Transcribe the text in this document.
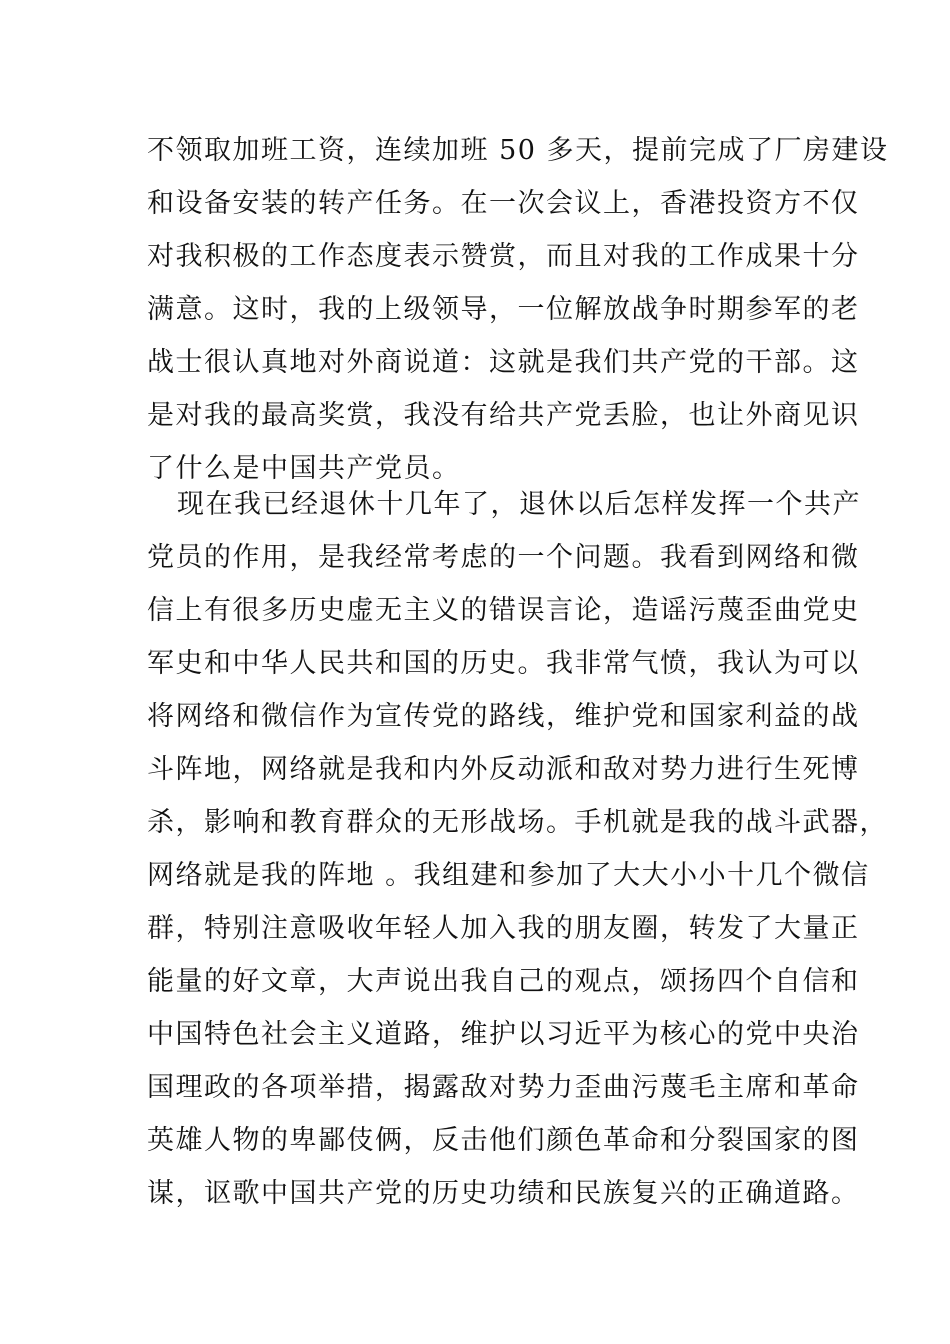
不领取加班工资，连续加班 50 多天，提前完成了厂房建设
和设备安装的转产任务。在一次会议上，香港投资方不仅
对我积极的工作态度表示赞赏，而且对我的工作成果十分
满意。这时，我的上级领导，一位解放战争时期参军的老
战士很认真地对外商说道：这就是我们共产党的干部。这
是对我的最高奖赏，我没有给共产党丢脸，也让外商见识
了什么是中国共产党员。
现在我已经退休十几年了，退休以后怎样发挥一个共产
党员的作用，是我经常考虑的一个问题。我看到网络和微
信上有很多历史虚无主义的错误言论，造谣污蔑歪曲党史
军史和中华人民共和国的历史。我非常气愤，我认为可以
将网络和微信作为宣传党的路线，维护党和国家利益的战
斗阵地，网络就是我和内外反动派和敌对势力进行生死博
杀，影响和教育群众的无形战场。手机就是我的战斗武器，
网络就是我的阵地 。我组建和参加了大大小小十几个微信
群，特别注意吸收年轻人加入我的朋友圈，转发了大量正
能量的好文章，大声说出我自己的观点，颂扬四个自信和
中国特色社会主义道路，维护以习近平为核心的党中央治
国理政的各项举措，揭露敌对势力歪曲污蔑毛主席和革命
英雄人物的卑鄙伎俩，反击他们颜色革命和分裂国家的图
谋，讴歌中国共产党的历史功绩和民族复兴的正确道路。
